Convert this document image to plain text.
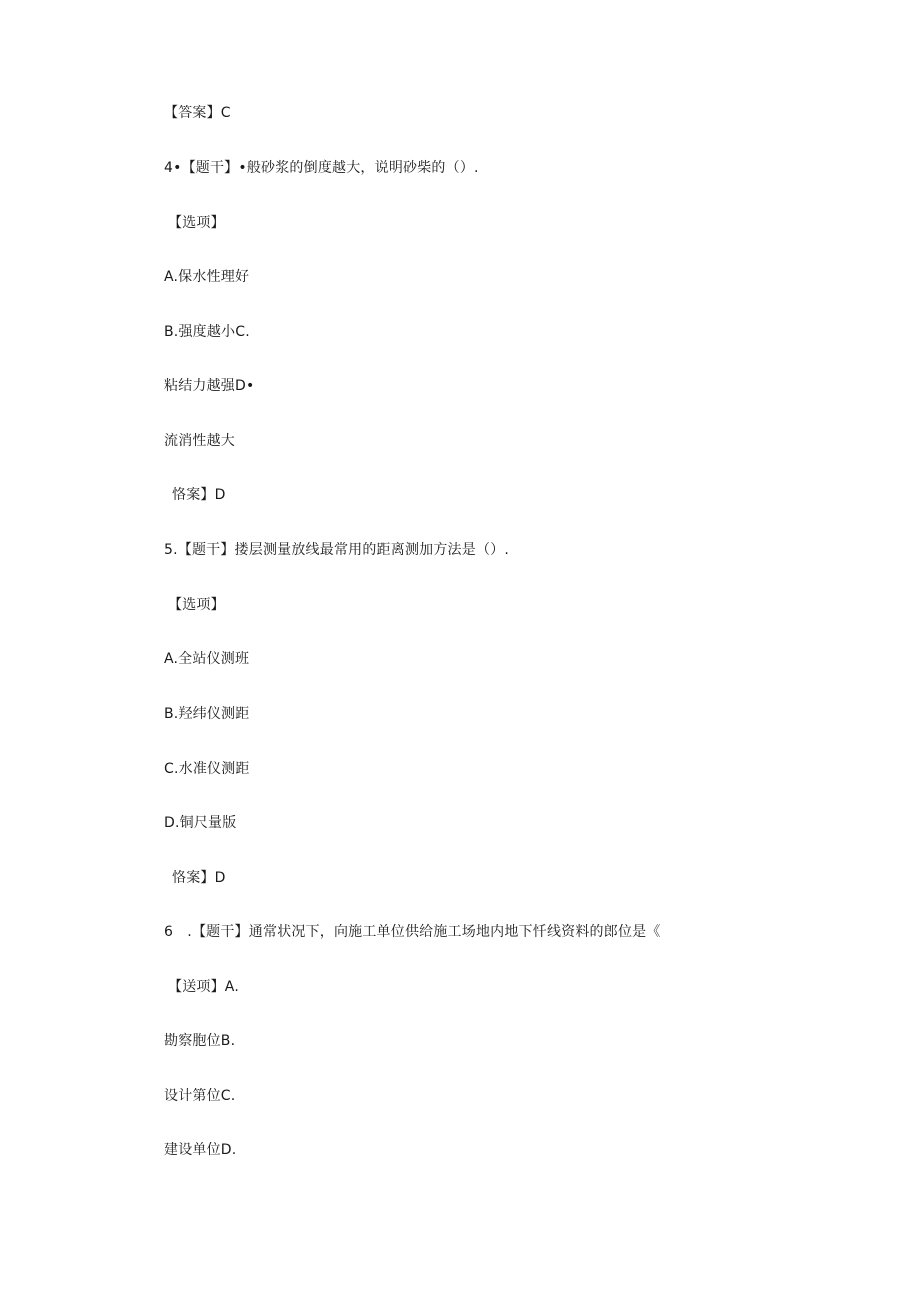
【答案】C
4•【题干】•般砂浆的倒度越大，说明砂柴的（）.
【选项】
A.保水性理好
B.强度越小C.
粘结力越强D•
流消性越大
恪案】D
5.【题干】搂层测量放线最常用的距离测加方法是（）.
【选项】
A.全站仪测班
B.羟纬仪测距
C.水准仪测距
D.铜尺量版
恪案】D
6　.【题干】通常状况下，向施工单位供给施工场地内地下忏线资料的郎位是《
【送项】A.
勘察胞位B.
设计第位C.
建设单位D.
